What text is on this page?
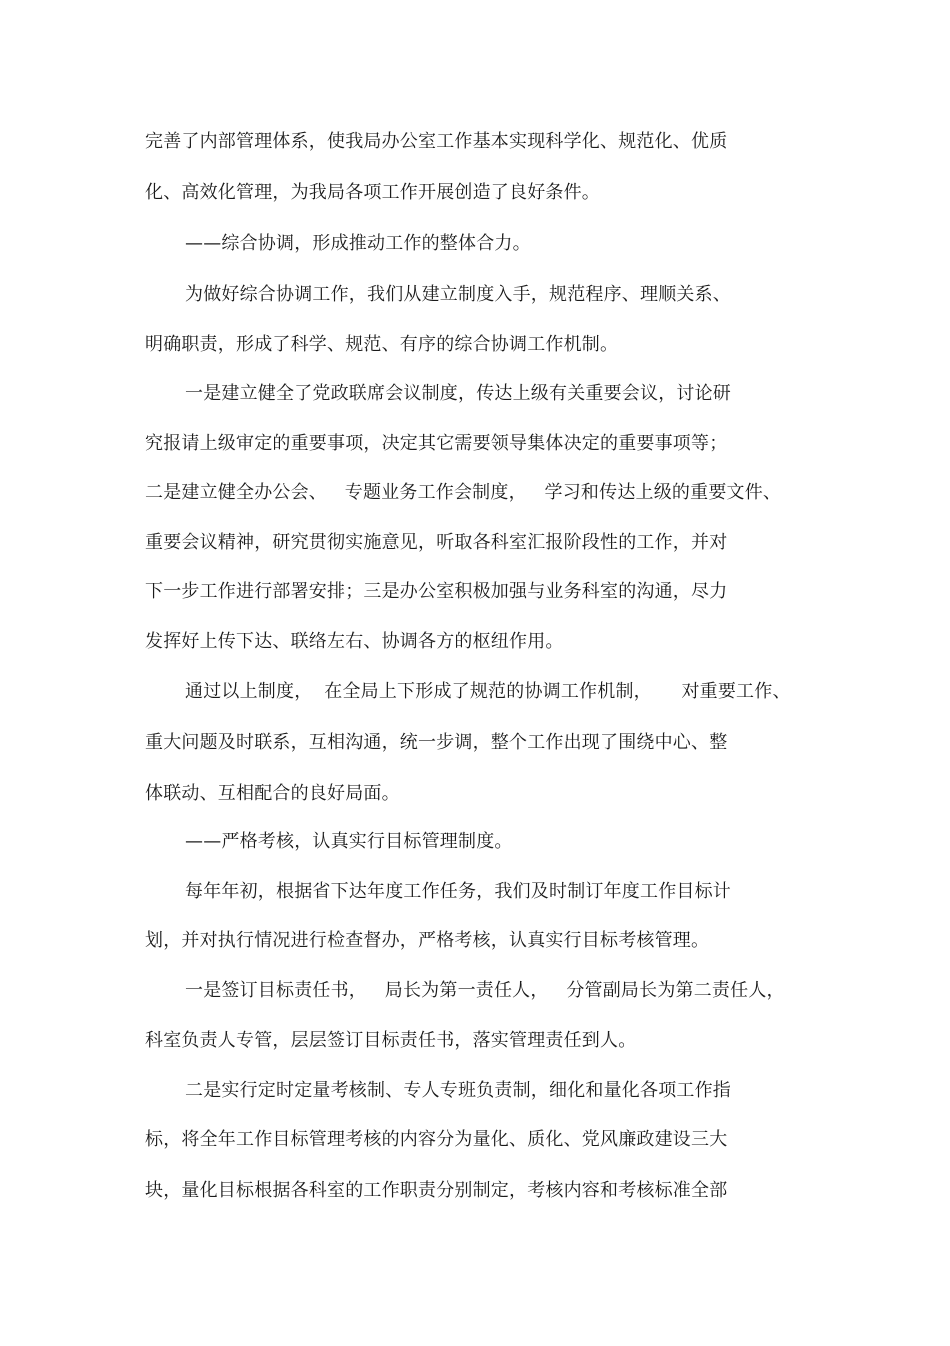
完善了内部管理体系，使我局办公室工作基本实现科学化、规范化、优质
化、高效化管理，为我局各项工作开展创造了良好条件。
——综合协调，形成推动工作的整体合力。
为做好综合协调工作，我们从建立制度入手，规范程序、理顺关系、
明确职责，形成了科学、规范、有序的综合协调工作机制。
一是建立健全了党政联席会议制度，传达上级有关重要会议，讨论研
究报请上级审定的重要事项，决定其它需要领导集体决定的重要事项等；
二是建立健全办公会、   专题业务工作会制度，   学习和传达上级的重要文件、
重要会议精神，研究贯彻实施意见，听取各科室汇报阶段性的工作，并对
下一步工作进行部署安排；三是办公室积极加强与业务科室的沟通，尽力
发挥好上传下达、联络左右、协调各方的枢纽作用。
通过以上制度，  在全局上下形成了规范的协调工作机制，     对重要工作、
重大问题及时联系，互相沟通，统一步调，整个工作出现了围绕中心、整
体联动、互相配合的良好局面。
——严格考核，认真实行目标管理制度。
每年年初，根据省下达年度工作任务，我们及时制订年度工作目标计
划，并对执行情况进行检查督办，严格考核，认真实行目标考核管理。
一是签订目标责任书，   局长为第一责任人，   分管副局长为第二责任人，
科室负责人专管，层层签订目标责任书，落实管理责任到人。
二是实行定时定量考核制、专人专班负责制，细化和量化各项工作指
标，将全年工作目标管理考核的内容分为量化、质化、党风廉政建设三大
块，量化目标根据各科室的工作职责分别制定，考核内容和考核标准全部
